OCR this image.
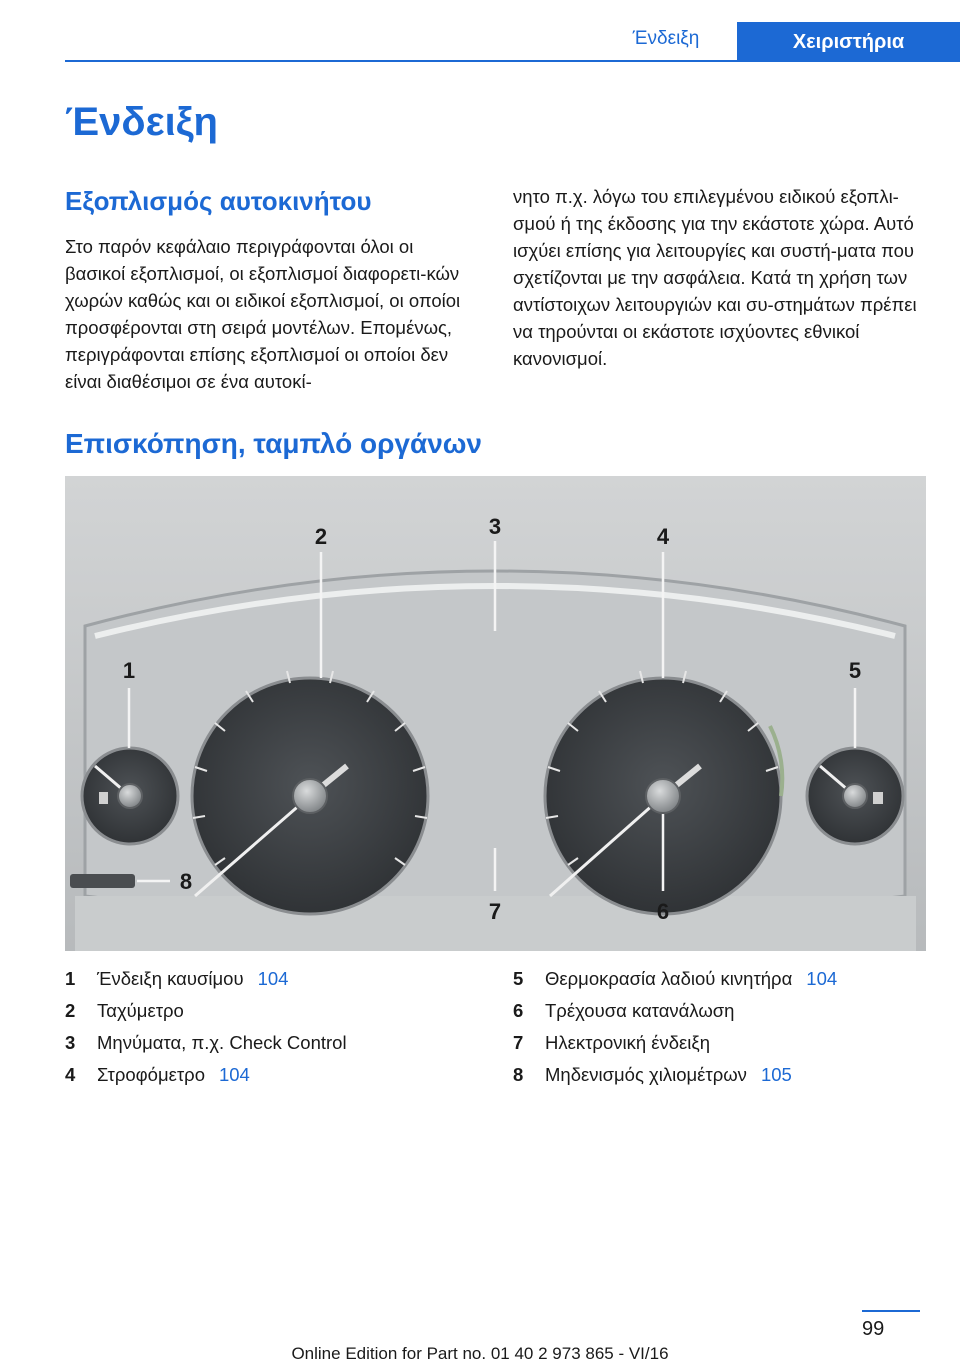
Ένδειξη	Χειριστήρια
Ένδειξη
Εξοπλισμός αυτοκινήτου

Στο παρόν κεφάλαιο περιγράφονται όλοι οι βασικοί εξοπλισμοί, οι εξοπλισμοί διαφορετι-κών χωρών καθώς και οι ειδικοί εξοπλισμοί, οι οποίοι προσφέρονται στη σειρά μοντέλων. Επομένως, περιγράφονται επίσης εξοπλισμοί οι οποίοι δεν είναι διαθέσιμοι σε ένα αυτοκί-

νητο π.χ. λόγω του επιλεγμένου ειδικού εξοπλι-σμού ή της έκδοσης για την εκάστοτε χώρα. Αυτό ισχύει επίσης για λειτουργίες και συστή-ματα που σχετίζονται με την ασφάλεια. Κατά τη χρήση των αντίστοιχων λειτουργιών και συ-στημάτων πρέπει να τηρούνται οι εκάστοτε ισχύοντες εθνικοί κανονισμοί.

Επισκόπηση, ταμπλό οργάνων
1
2	3	4
5
6
7
8
1	Ένδειξη καυσίμου 104
2	Ταχύμετρο
3	Μηνύματα, π.χ. Check Control
4	Στροφόμετρο 104
5	Θερμοκρασία λαδιού κινητήρα 104
6	Τρέχουσα κατανάλωση
7	Ηλεκτρονική ένδειξη
8	Μηδενισμός χιλιομέτρων 105
99
Online Edition for Part no. 01 40 2 973 865 - VI/16
